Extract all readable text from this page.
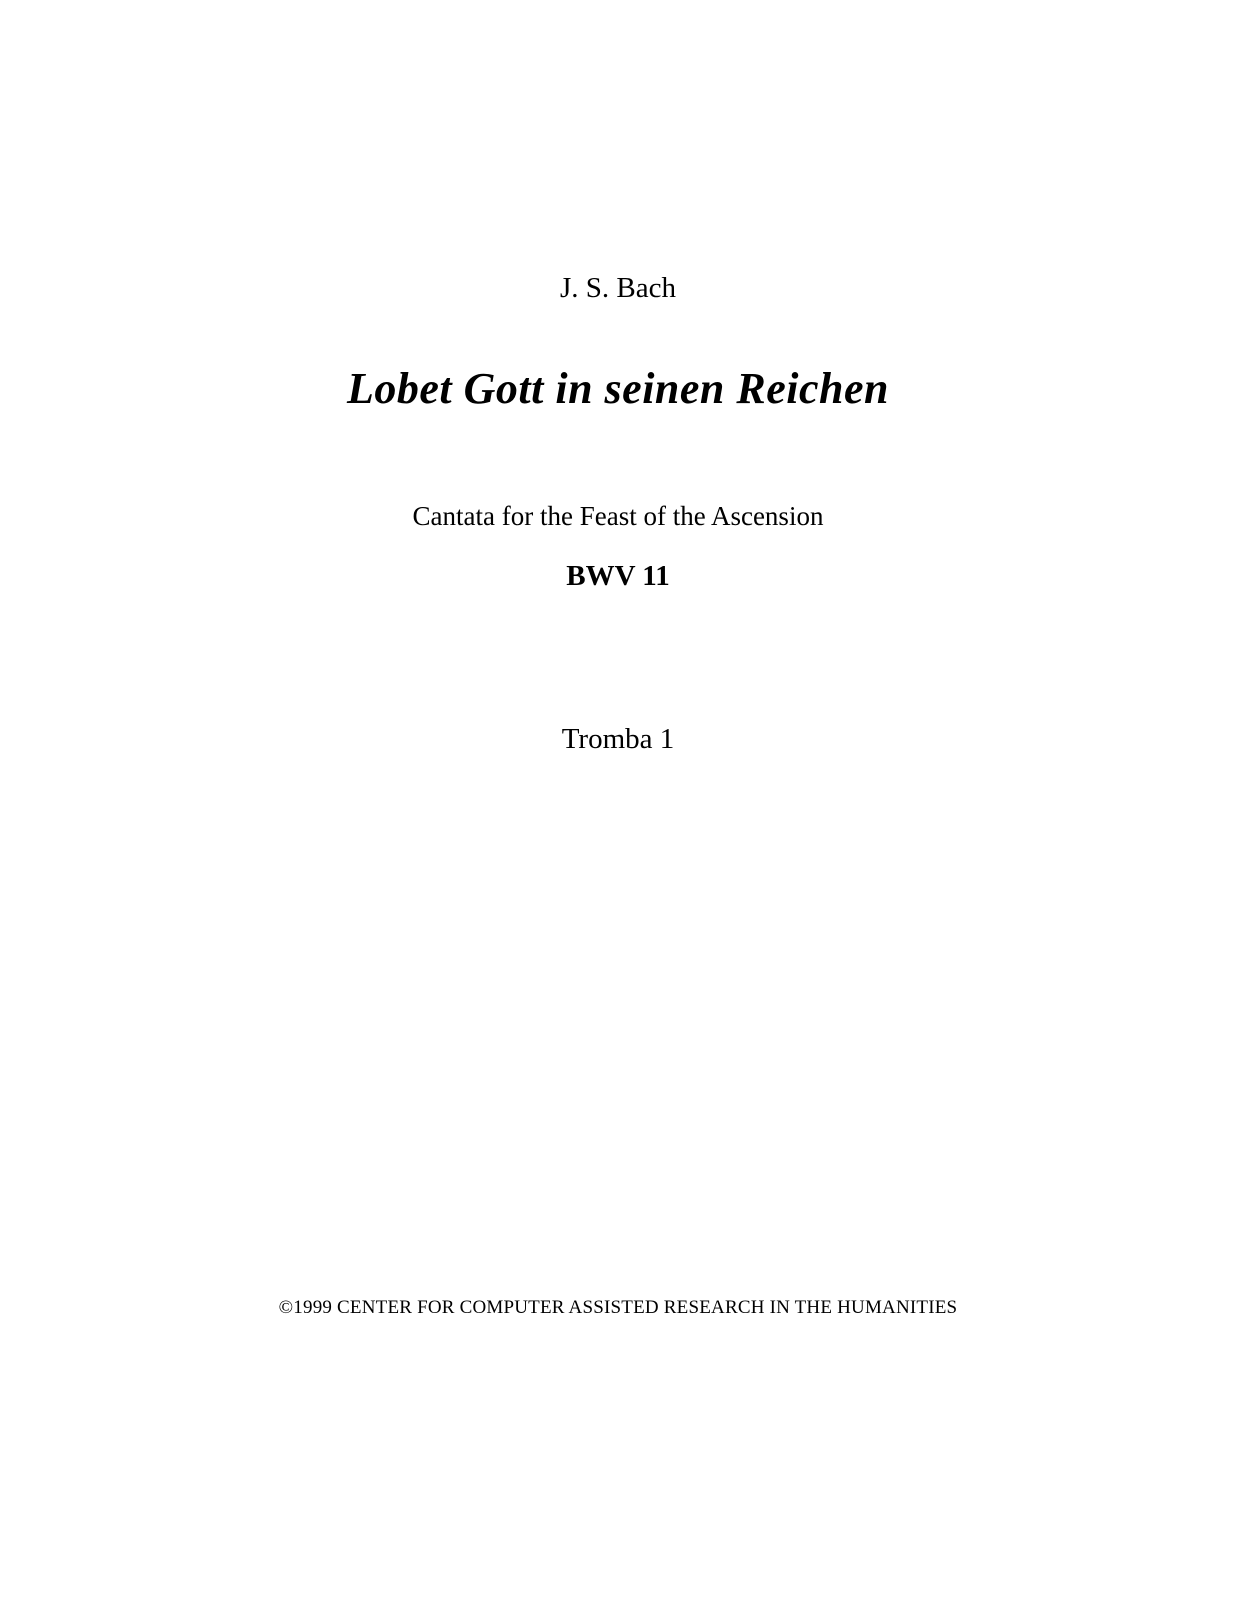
J. S. Bach
Lobet Gott in seinen Reichen
Cantata for the Feast of the Ascension
BWV 11
Tromba 1
©1999 CENTER FOR COMPUTER ASSISTED RESEARCH IN THE HUMANITIES
